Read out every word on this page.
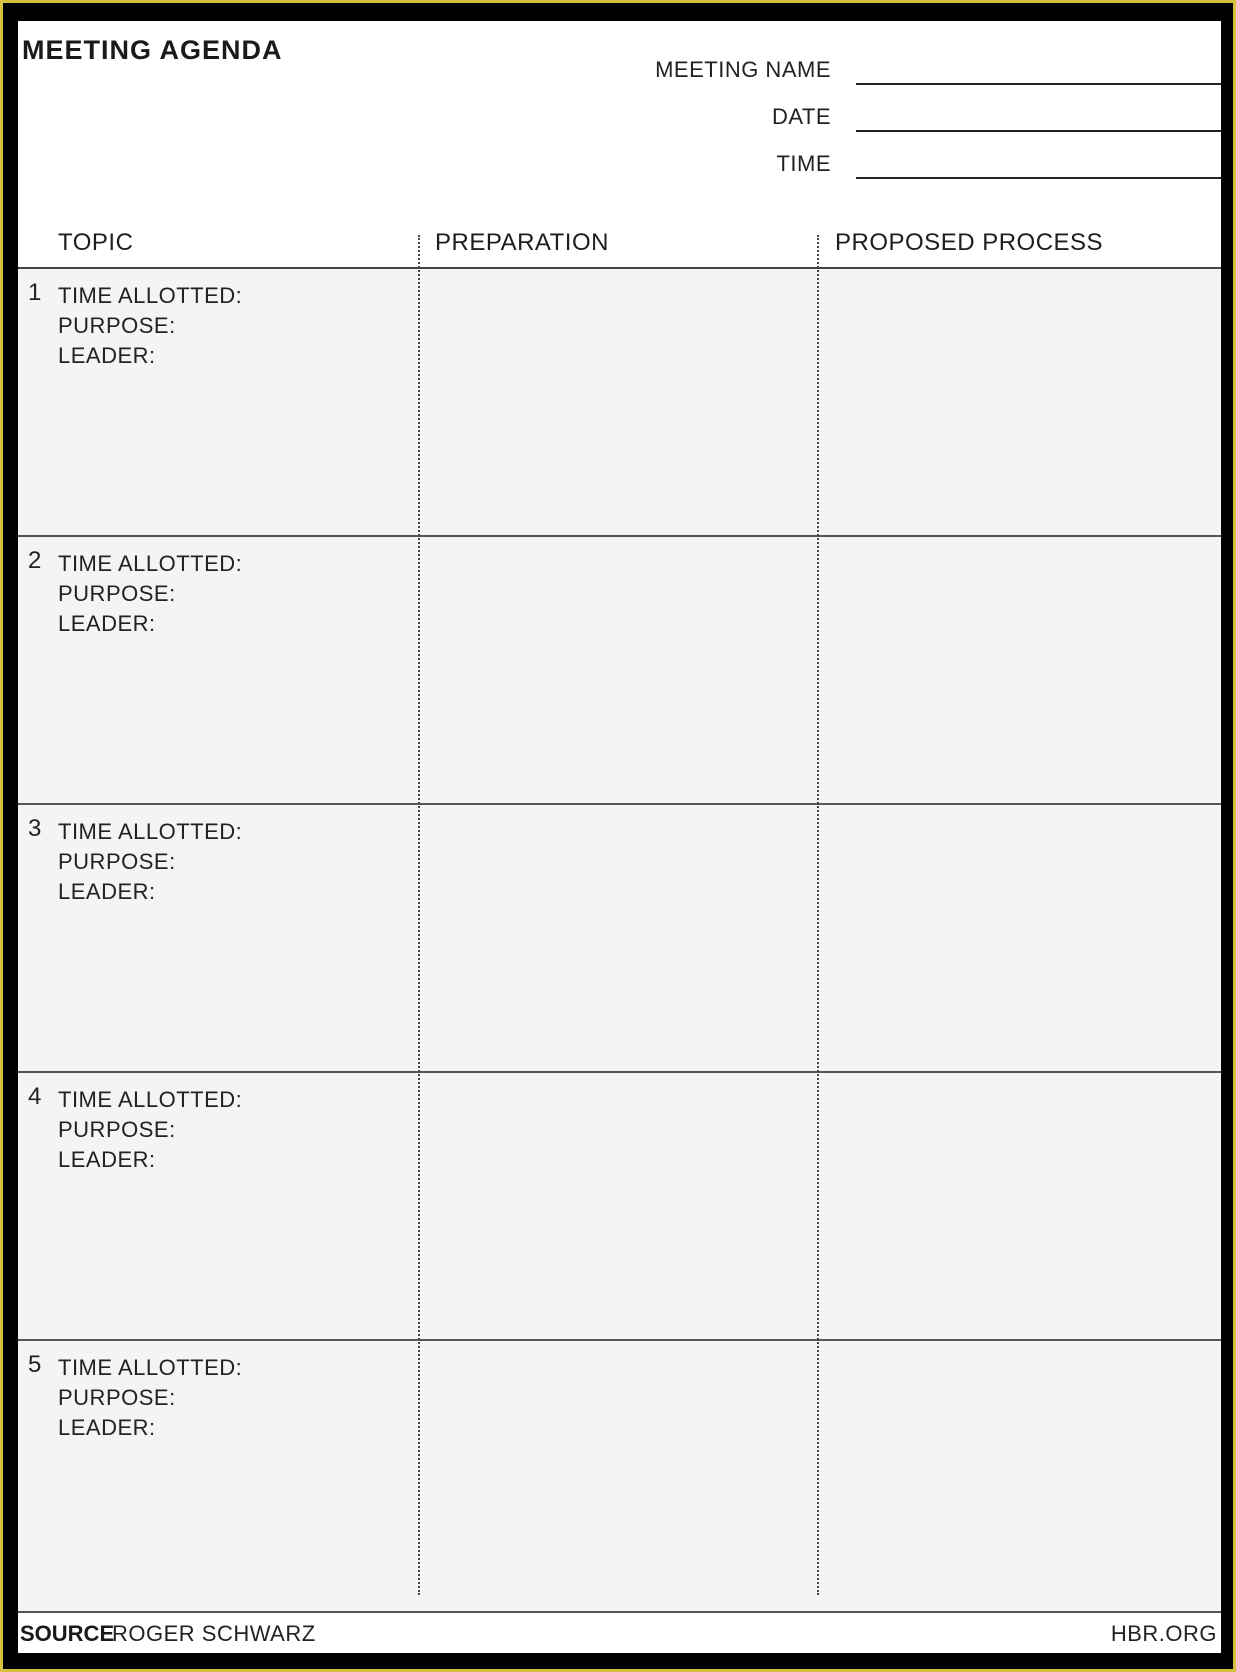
MEETING AGENDA
MEETING NAME
DATE
TIME
TOPIC	PREPARATION	PROPOSED PROCESS
1 TIME ALLOTTED:
PURPOSE:
LEADER:
2 TIME ALLOTTED:
PURPOSE:
LEADER:
3 TIME ALLOTTED:
PURPOSE:
LEADER:
4 TIME ALLOTTED:
PURPOSE:
LEADER:
5 TIME ALLOTTED:
PURPOSE:
LEADER:
SOURCE
ROGER SCHWARZ	HBR.ORG
